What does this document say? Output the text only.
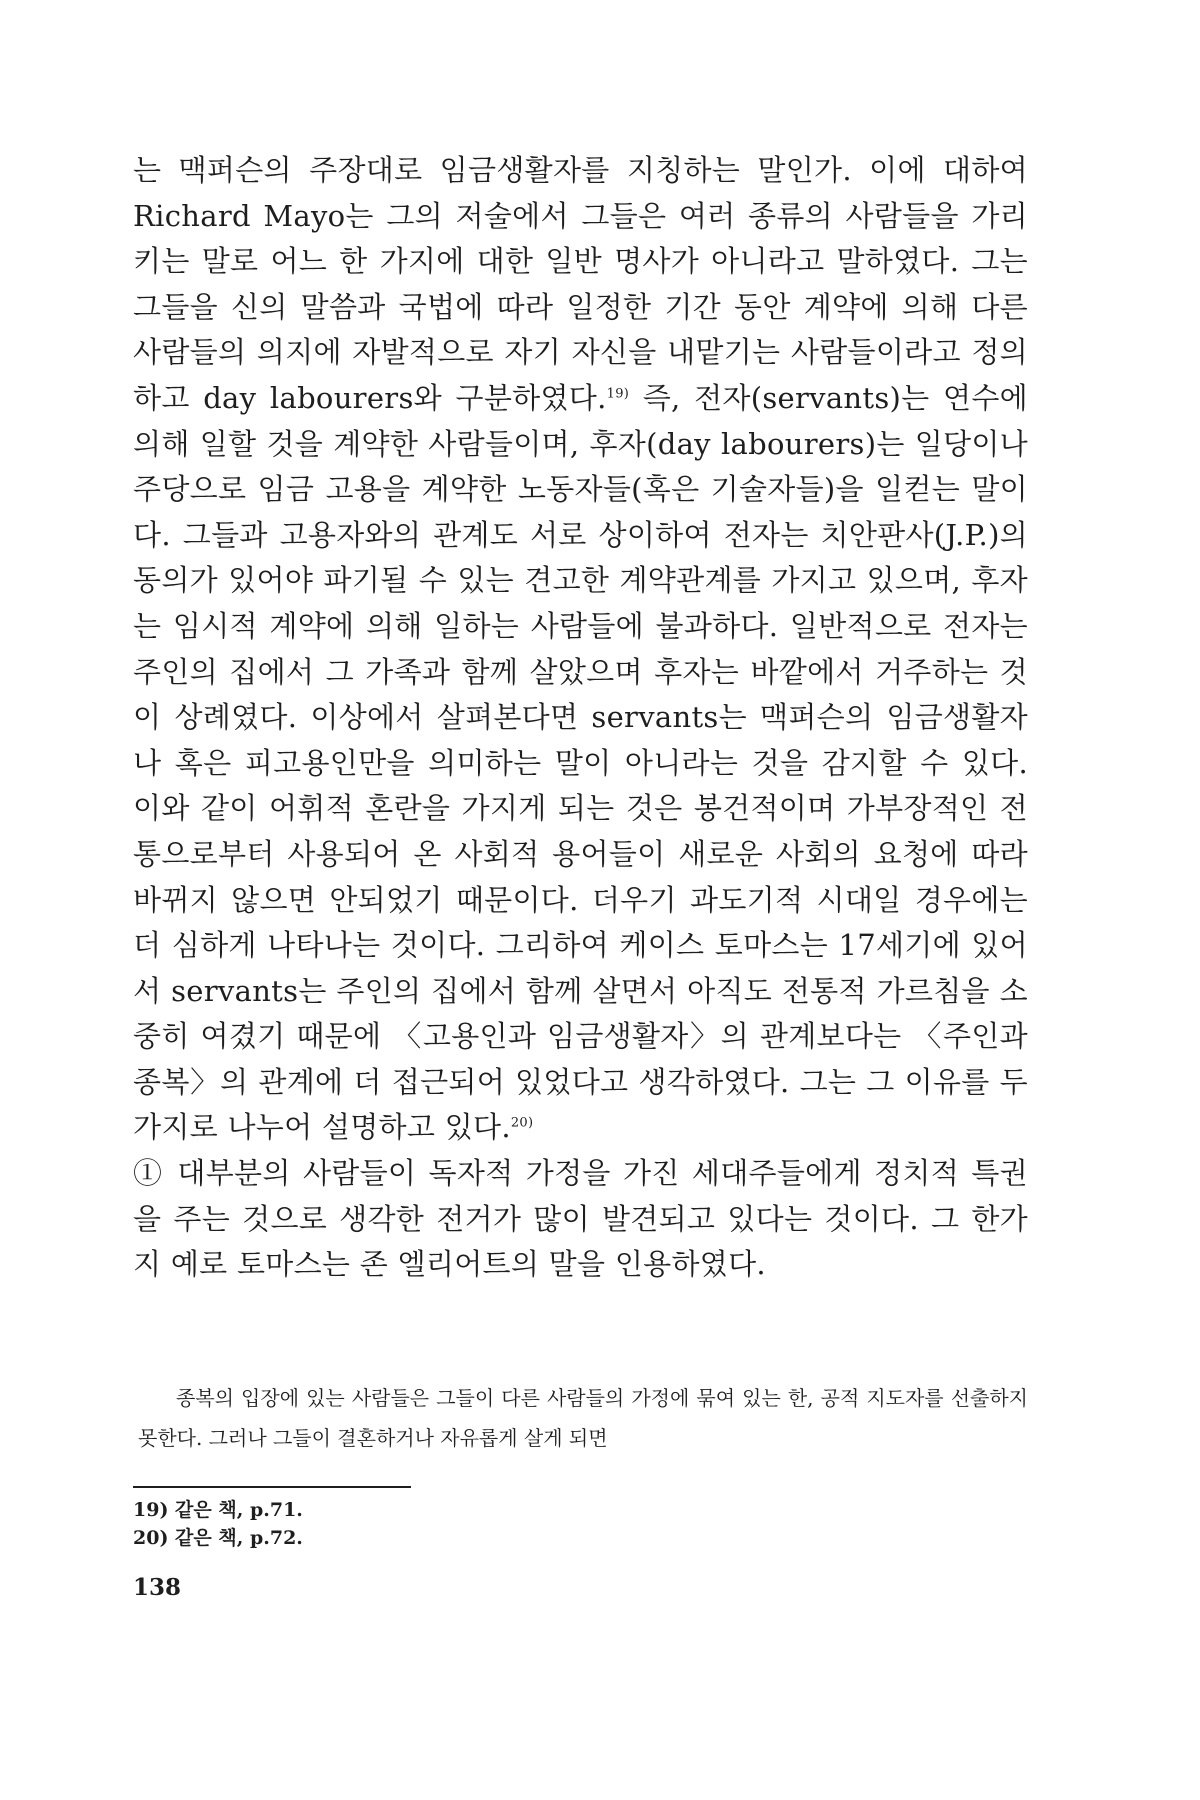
는 맥퍼슨의 주장대로 임금생활자를 지칭하는 말인가. 이에 대하여 Richard Mayo는 그의 저술에서 그들은 여러 종류의 사람들을 가리키는 말로 어느 한 가지에 대한 일반 명사가 아니라고 말하였다. 그는 그들을 신의 말씀과 국법에 따라 일정한 기간 동안 계약에 의해 다른 사람들의 의지에 자발적으로 자기 자신을 내맡기는 사람들이라고 정의하고 day labourers와 구분하였다.$^{19)}$ 즉, 전자(servants)는 연수에 의해 일할 것을 계약한 사람들이며, 후자(day labourers)는 일당이나 주당으로 임금 고용을 계약한 노동자들(혹은 기술자들)을 일컫는 말이다. 그들과 고용자와의 관계도 서로 상이하여 전자는 치안판사(J.P.)의 동의가 있어야 파기될 수 있는 견고한 계약관계를 가지고 있으며, 후자는 임시적 계약에 의해 일하는 사람들에 불과하다. 일반적으로 전자는 주인의 집에서 그 가족과 함께 살았으며 후자는 바깥에서 거주하는 것이 상례였다. 이상에서 살펴본다면 servants는 맥퍼슨의 임금생활자나 혹은 피고용인만을 의미하는 말이 아니라는 것을 감지할 수 있다. 이와 같이 어휘적 혼란을 가지게 되는 것은 봉건적이며 가부장적인 전통으로부터 사용되어 온 사회적 용어들이 새로운 사회의 요청에 따라 바뀌지 않으면 안되었기 때문이다. 더우기 과도기적 시대일 경우에는 더 심하게 나타나는 것이다. 그리하여 케이스 토마스는 17세기에 있어서 servants는 주인의 집에서 함께 살면서 아직도 전통적 가르침을 소중히 여겼기 때문에 〈고용인과 임금생활자〉의 관계보다는 〈주인과 종복〉의 관계에 더 접근되어 있었다고 생각하였다. 그는 그 이유를 두 가지로 나누어 설명하고 있다.$^{20)}$

① 대부분의 사람들이 독자적 가정을 가진 세대주들에게 정치적 특권을 주는 것으로 생각한 전거가 많이 발견되고 있다는 것이다. 그 한가지 예로 토마스는 존 엘리어트의 말을 인용하였다.

종복의 입장에 있는 사람들은 그들이 다른 사람들의 가정에 묶여 있는 한, 공적 지도자를 선출하지 못한다. 그러나 그들이 결혼하거나 자유롭게 살게 되면
19) 같은 책, p.71.
20) 같은 책, p.72.
138
